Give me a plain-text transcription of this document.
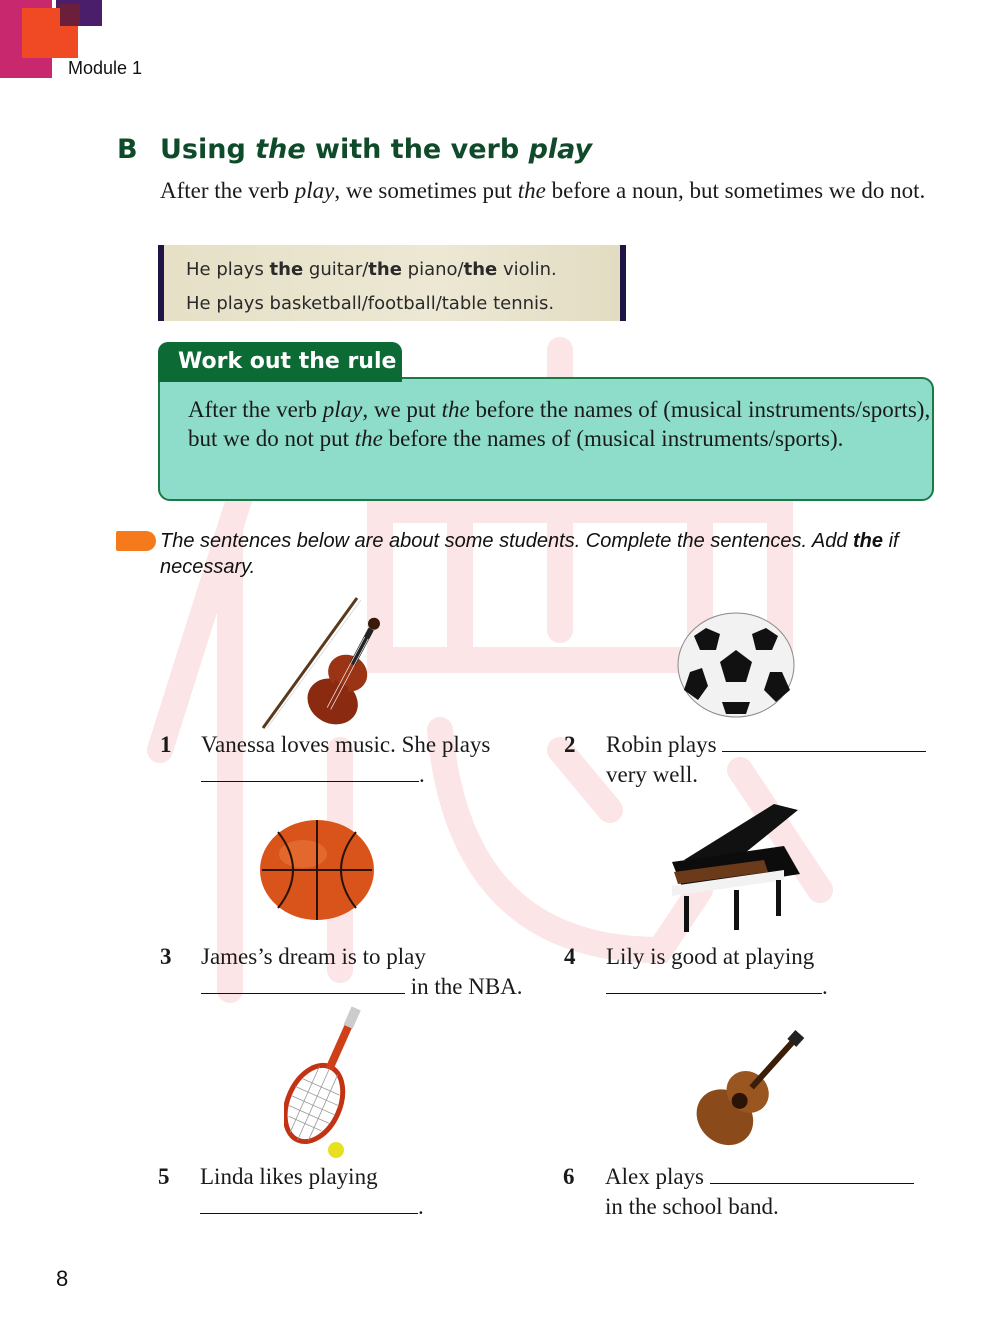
Module 1
B Using the with the verb play
After the verb play, we sometimes put the before a noun, but sometimes we do not.
He plays the guitar/the piano/the violin.
He plays basketball/football/table tennis.
After the verb play, we put the before the names of (musical instruments/sports), but we do not put the before the names of (musical instruments/sports).
Work out the rule
The sentences below are about some students. Complete the sentences. Add the if necessary.
1 Vanessa loves music. She plays
.
2 Robin plays
very well.
3 James’s dream is to play
in the NBA.
4 Lily is good at playing
.
5 Linda likes playing
.
6 Alex plays
in the school band.
8
